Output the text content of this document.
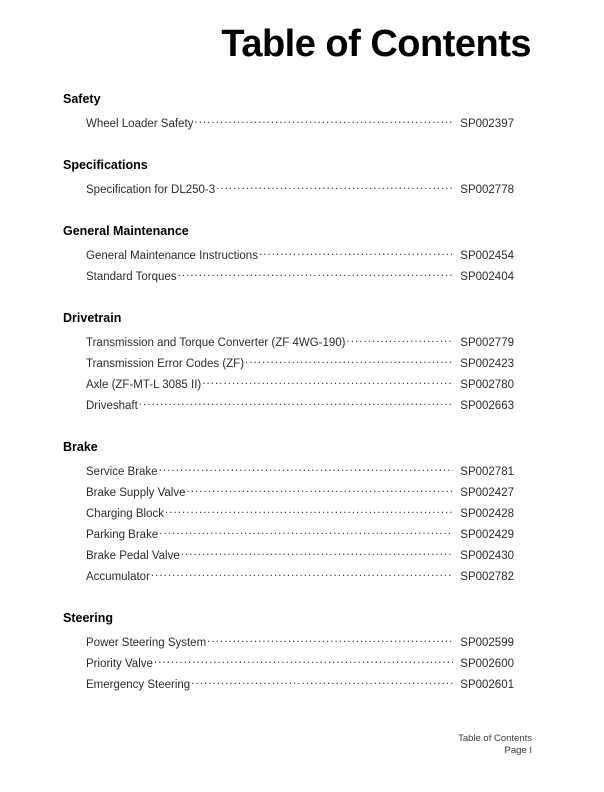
Table of Contents
Safety
Wheel Loader Safety .....	SP002397
Specifications
Specification for DL250-3 .....	SP002778
General Maintenance
General Maintenance Instructions .....	SP002454
Standard Torques .....	SP002404
Drivetrain
Transmission and Torque Converter (ZF 4WG-190) .....	SP002779
Transmission Error Codes (ZF) .....	SP002423
Axle (ZF-MT-L 3085 II) .....	SP002780
Driveshaft .....	SP002663
Brake
Service Brake .....	SP002781
Brake Supply Valve .....	SP002427
Charging Block .....	SP002428
Parking Brake .....	SP002429
Brake Pedal Valve .....	SP002430
Accumulator .....	SP002782
Steering
Power Steering System .....	SP002599
Priority Valve .....	SP002600
Emergency Steering .....	SP002601
Table of Contents
Page I
